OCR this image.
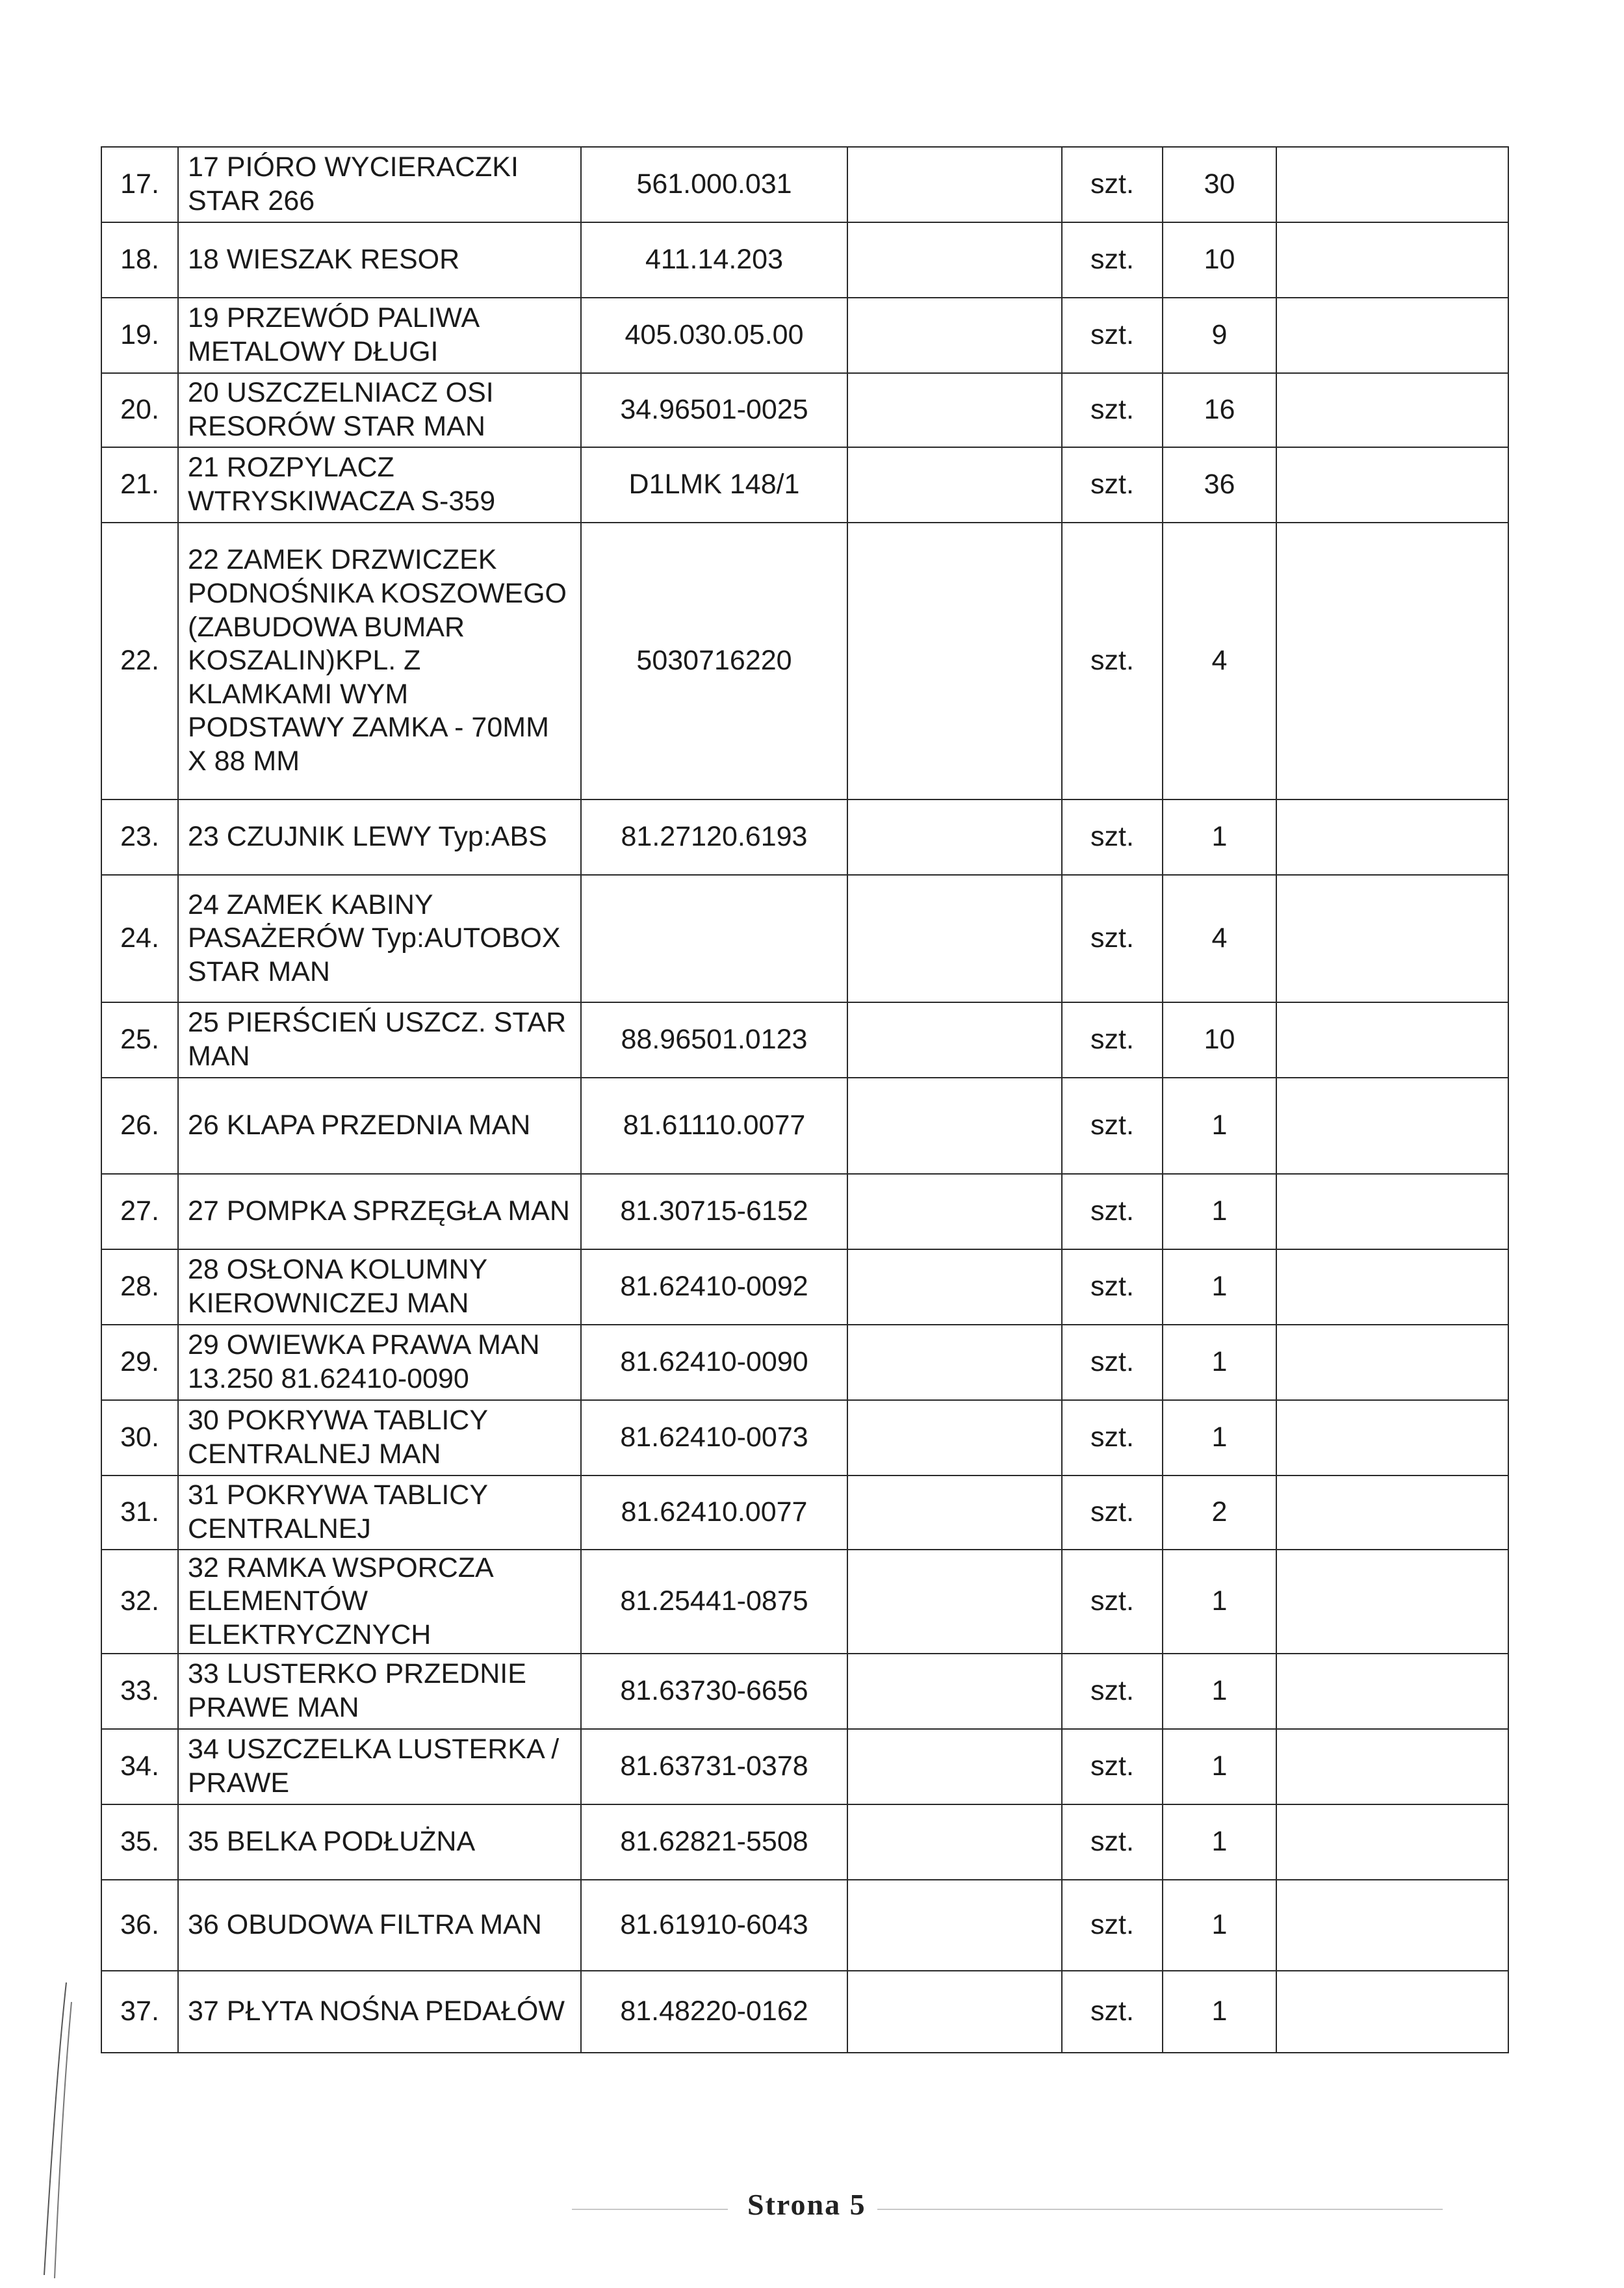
17.	17 PIÓRO WYCIERACZKI STAR 266	561.000.031		szt.	30	
18.	18 WIESZAK RESOR	411.14.203		szt.	10	
19.	19 PRZEWÓD PALIWA METALOWY DŁUGI	405.030.05.00		szt.	9	
20.	20 USZCZELNIACZ OSI RESORÓW STAR MAN	34.96501-0025		szt.	16	
21.	21 ROZPYLACZ WTRYSKIWACZA S-359	D1LMK 148/1		szt.	36	
22.	22 ZAMEK DRZWICZEK PODNOŚNIKA KOSZOWEGO (ZABUDOWA BUMAR KOSZALIN)KPL. Z KLAMKAMI WYM PODSTAWY ZAMKA - 70MM X 88 MM	5030716220		szt.	4	
23.	23 CZUJNIK LEWY Typ:ABS	81.27120.6193		szt.	1	
24.	24 ZAMEK KABINY PASAŻERÓW Typ:AUTOBOX STAR MAN			szt.	4	
25.	25 PIERŚCIEŃ USZCZ. STAR MAN	88.96501.0123		szt.	10	
26.	26 KLAPA PRZEDNIA MAN	81.61110.0077		szt.	1	
27.	27 POMPKA SPRZĘGŁA MAN	81.30715-6152		szt.	1	
28.	28 OSŁONA KOLUMNY KIEROWNICZEJ MAN	81.62410-0092		szt.	1	
29.	29 OWIEWKA PRAWA MAN 13.250 81.62410-0090	81.62410-0090		szt.	1	
30.	30 POKRYWA TABLICY CENTRALNEJ MAN	81.62410-0073		szt.	1	
31.	31 POKRYWA TABLICY CENTRALNEJ	81.62410.0077		szt.	2	
32.	32 RAMKA WSPORCZA ELEMENTÓW ELEKTRYCZNYCH	81.25441-0875		szt.	1	
33.	33 LUSTERKO PRZEDNIE PRAWE MAN	81.63730-6656		szt.	1	
34.	34 USZCZELKA LUSTERKA / PRAWE	81.63731-0378		szt.	1	
35.	35 BELKA PODŁUŻNA	81.62821-5508		szt.	1	
36.	36 OBUDOWA FILTRA MAN	81.61910-6043		szt.	1	
37.	37 PŁYTA NOŚNA PEDAŁÓW	81.48220-0162		szt.	1	
Strona 5
